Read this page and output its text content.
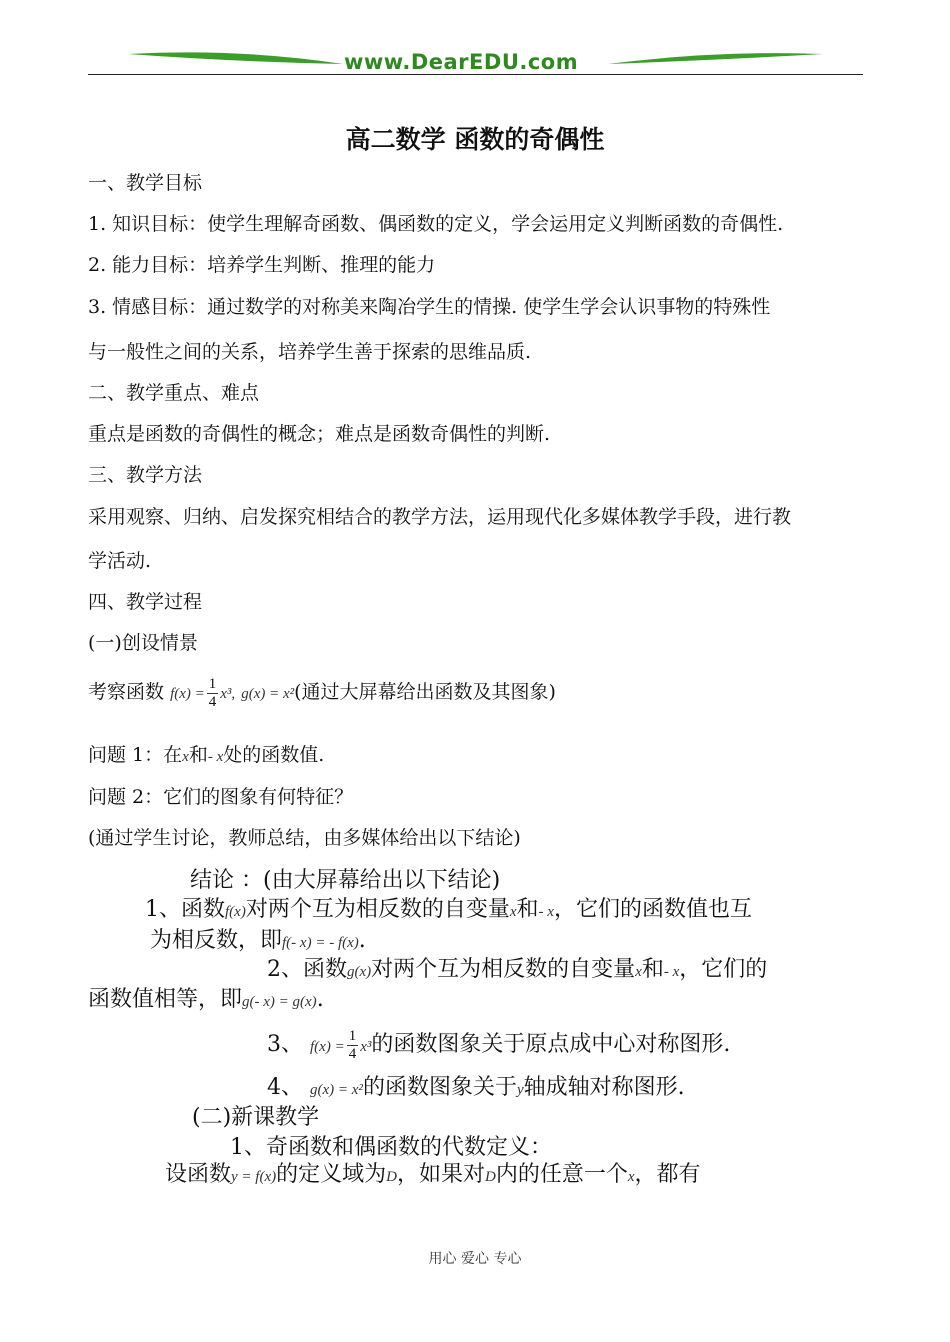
www.DearEDU.com
高二数学 函数的奇偶性
一、教学目标
1. 知识目标：使学生理解奇函数、偶函数的定义，学会运用定义判断函数的奇偶性.
2. 能力目标：培养学生判断、推理的能力
3. 情感目标：通过数学的对称美来陶冶学生的情操. 使学生学会认识事物的特殊性
与一般性之间的关系，培养学生善于探索的思维品质.
二、教学重点、难点
重点是函数的奇偶性的概念；难点是函数奇偶性的判断.
三、教学方法
采用观察、归纳、启发探究相结合的教学方法，运用现代化多媒体教学手段，进行教
学活动.
四、教学过程
(一)创设情景
考察函数 $f(x) = \frac{1}{4} x^3$, g(x) = x²(通过大屏幕给出函数及其图象)
问题 1：在x和- x处的函数值.
问题 2：它们的图象有何特征？
(通过学生讨论，教师总结，由多媒体给出以下结论)
结论 ：(由大屏幕给出以下结论)
1、函数f(x)对两个互为相反数的自变量x和- x，它们的函数值也互
为相反数，即f(- x) = - f(x).
2、函数g(x)对两个互为相反数的自变量x和- x，它们的
函数值相等，即g(- x) = g(x).
3、 $f(x) = \frac{1}{4} x^3$的函数图象关于原点成中心对称图形.
4、 g(x) = x²的函数图象关于y轴成轴对称图形.
(二)新课教学
1、奇函数和偶函数的代数定义：
设函数y = f(x)的定义域为D，如果对D内的任意一个x，都有
用心 爱心 专心
